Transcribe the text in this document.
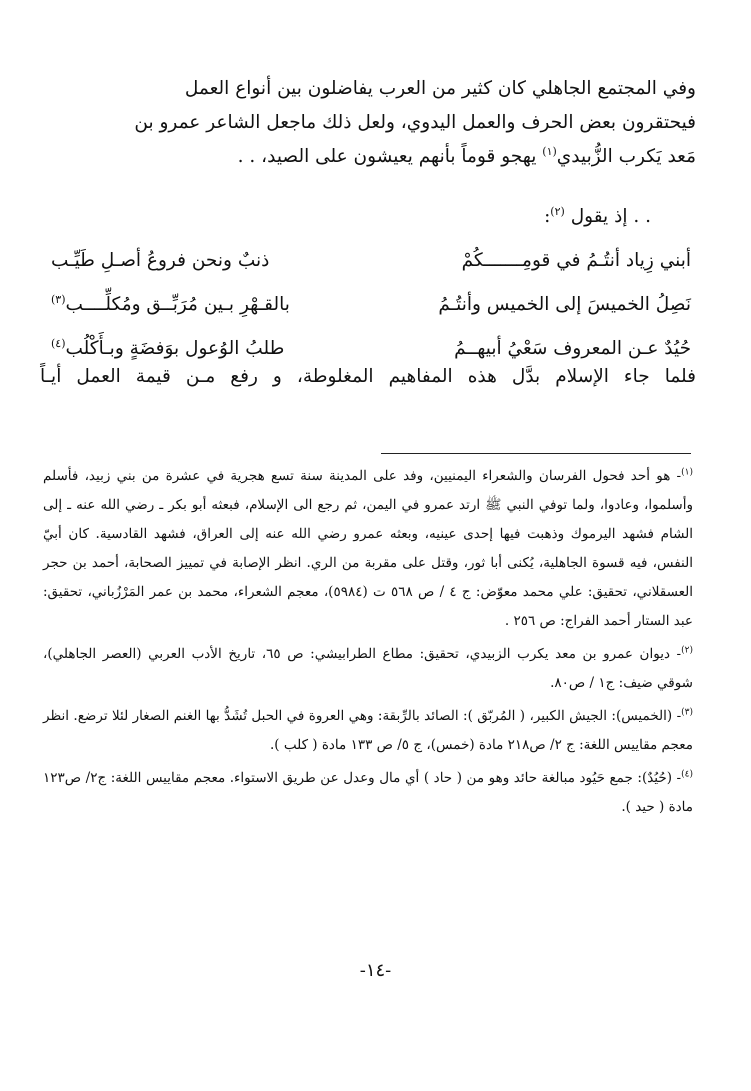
وفي المجتمع الجاهلي كان كثير من العرب يفاضلون بين أنواع العمل

فيحتقرون بعض الحرف والعمل اليدوي، ولعل ذلك ماجعل الشاعر عمرو بن

مَعد يَكرب الزُّبيدي$^{(١)}$ يهجو قوماً بأنهم يعيشون على الصيد، . .

. . إذ يقول $^{(٢)}$:
أبني زِياد أنتُـمُ في قومِـــــــكُمْ
ذنبٌ ونحن فروعُ أصـلِ طَيِّـب
نَصِلُ الخميسَ إلى الخميس وأنتُـمُ
بالقـهْرِ بـين مُرَبِّــق ومُكلِّــــب$^{(٣)}$
حُيُدٌ عـن المعروف سَعْيُ أبيهــمُ
طلبُ الوُعول بوَفضَةٍ وبـأَكْلُب$^{(٤)}$
فلما جاء الإسلام بدَّل هذه المفاهيم المغلوطة، و رفع مـن قيمة العمل أيـاً

$^{(١)}$- هو أحد فحول الفرسان والشعراء اليمنيين، وفد على المدينة سنة تسع هجرية في عشرة من بني زبيد، فأسلم وأسلموا، وعادوا، ولما توفي النبي ﷺ ارتد عمرو في اليمن، ثم رجع الى الإسلام، فبعثه أبو بكر ـ رضي الله عنه ـ إلى الشام فشهد اليرموك وذهبت فيها إحدى عينيه، وبعثه عمرو رضي الله عنه إلى العراق، فشهد القادسية. كان أبيّ النفس، فيه قسوة الجاهلية، يُكنى أبا ثور، وقتل على مقربة من الري. انظر الإصابة في تمييز الصحابة، أحمد بن حجر العسقلاني، تحقيق: علي محمد معوّض: ج ٤ / ص ٥٦٨ ت (٥٩٨٤)، معجم الشعراء، محمد بن عمر المَرْزُباني، تحقيق: عبد الستار أحمد الفراج: ص ٢٥٦ .

$^{(٢)}$- ديوان عمرو بن معد يكرب الزبيدي، تحقيق: مطاع الطرابيشي: ص ٦٥، تاريخ الأدب العربي (العصر الجاهلي)، شوقي ضيف: ج١ / ص٨٠.

$^{(٣)}$- (الخميس): الجيش الكبير، ( المُربّق ): الصائد بالرِّبقة: وهي العروة في الحبل تُشَدُّ بها الغنم الصغار لئلا ترضع. انظر معجم مقاييس اللغة: ج ٢/ ص٢١٨ مادة (خمس)، ج ٥/ ص ١٣٣ مادة ( كلب ).

$^{(٤)}$- (حُيُدٌ): جمع حَيُود مبالغة حائد وهو من ( حاد ) أي مال وعدل عن طريق الاستواء. معجم مقاييس اللغة: ج٢/ ص١٢٣ مادة ( حيد ).

-١٤-
